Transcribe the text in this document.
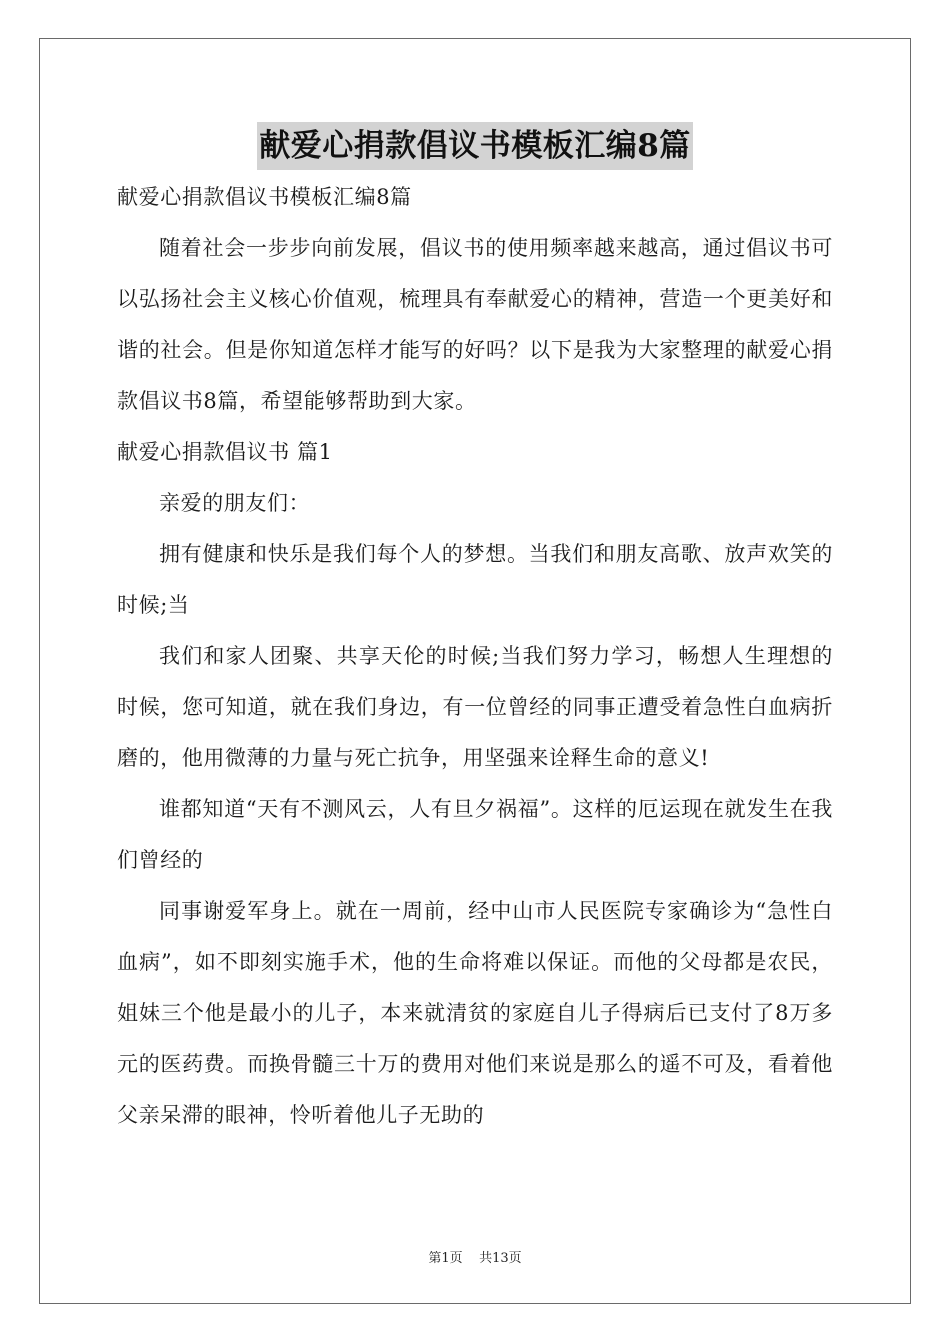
献爱心捐款倡议书模板汇编8篇

献爱心捐款倡议书模板汇编8篇

随着社会一步步向前发展，倡议书的使用频率越来越高，通过倡议书可以弘扬社会主义核心价值观，梳理具有奉献爱心的精神，营造一个更美好和谐的社会。但是你知道怎样才能写的好吗？以下是我为大家整理的献爱心捐款倡议书8篇，希望能够帮助到大家。

献爱心捐款倡议书 篇1

亲爱的朋友们：

拥有健康和快乐是我们每个人的梦想。当我们和朋友高歌、放声欢笑的时候;当

我们和家人团聚、共享天伦的时候;当我们努力学习，畅想人生理想的时候，您可知道，就在我们身边，有一位曾经的同事正遭受着急性白血病折磨的，他用微薄的力量与死亡抗争，用坚强来诠释生命的意义!

谁都知道“天有不测风云，人有旦夕祸福”。这样的厄运现在就发生在我们曾经的

同事谢爱军身上。就在一周前，经中山市人民医院专家确诊为“急性白血病”，如不即刻实施手术，他的生命将难以保证。而他的父母都是农民，姐妹三个他是最小的儿子，本来就清贫的家庭自儿子得病后已支付了8万多元的医药费。而换骨髓三十万的费用对他们来说是那么的遥不可及，看着他父亲呆滞的眼神，怜听着他儿子无助的

第1页    共13页
